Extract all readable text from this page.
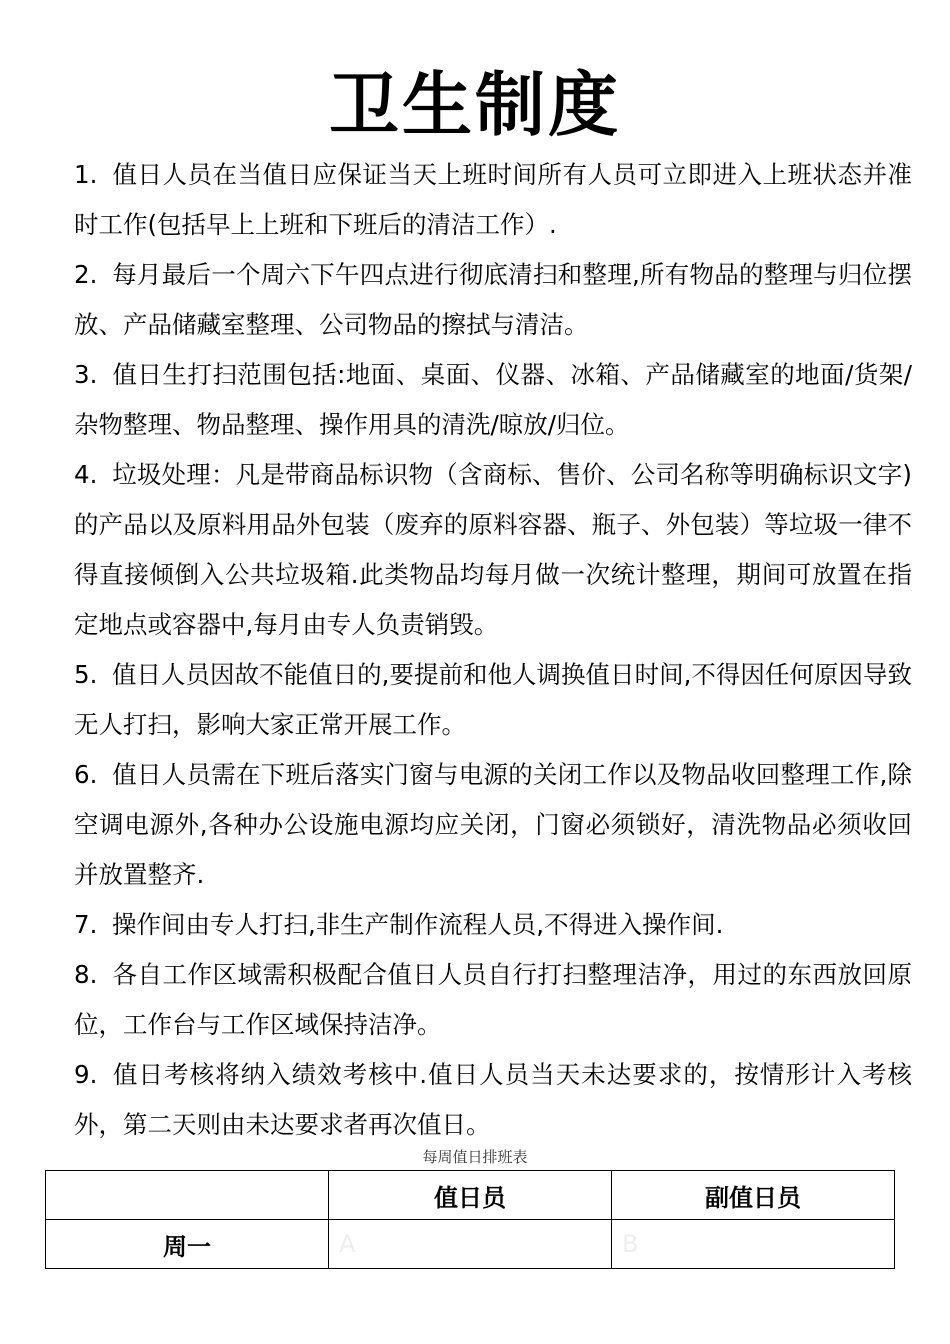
卫生制度
1. 值日人员在当值日应保证当天上班时间所有人员可立即进入上班状态并准时工作(包括早上上班和下班后的清洁工作）.
2. 每月最后一个周六下午四点进行彻底清扫和整理,所有物品的整理与归位摆放、产品储藏室整理、公司物品的擦拭与清洁。
3. 值日生打扫范围包括:地面、桌面、仪器、冰箱、产品储藏室的地面/货架/杂物整理、物品整理、操作用具的清洗/晾放/归位。
4. 垃圾处理：凡是带商品标识物（含商标、售价、公司名称等明确标识文字)的产品以及原料用品外包装（废弃的原料容器、瓶子、外包装）等垃圾一律不得直接倾倒入公共垃圾箱.此类物品均每月做一次统计整理，期间可放置在指定地点或容器中,每月由专人负责销毁。
5. 值日人员因故不能值日的,要提前和他人调换值日时间,不得因任何原因导致无人打扫，影响大家正常开展工作。
6. 值日人员需在下班后落实门窗与电源的关闭工作以及物品收回整理工作,除空调电源外,各种办公设施电源均应关闭，门窗必须锁好，清洗物品必须收回并放置整齐.
7. 操作间由专人打扫,非生产制作流程人员,不得进入操作间.
8. 各自工作区域需积极配合值日人员自行打扫整理洁净，用过的东西放回原位，工作台与工作区域保持洁净。
9. 值日考核将纳入绩效考核中.值日人员当天未达要求的，按情形计入考核外，第二天则由未达要求者再次值日。
每周值日排班表
	值日员	副值日员
周一	A	B
